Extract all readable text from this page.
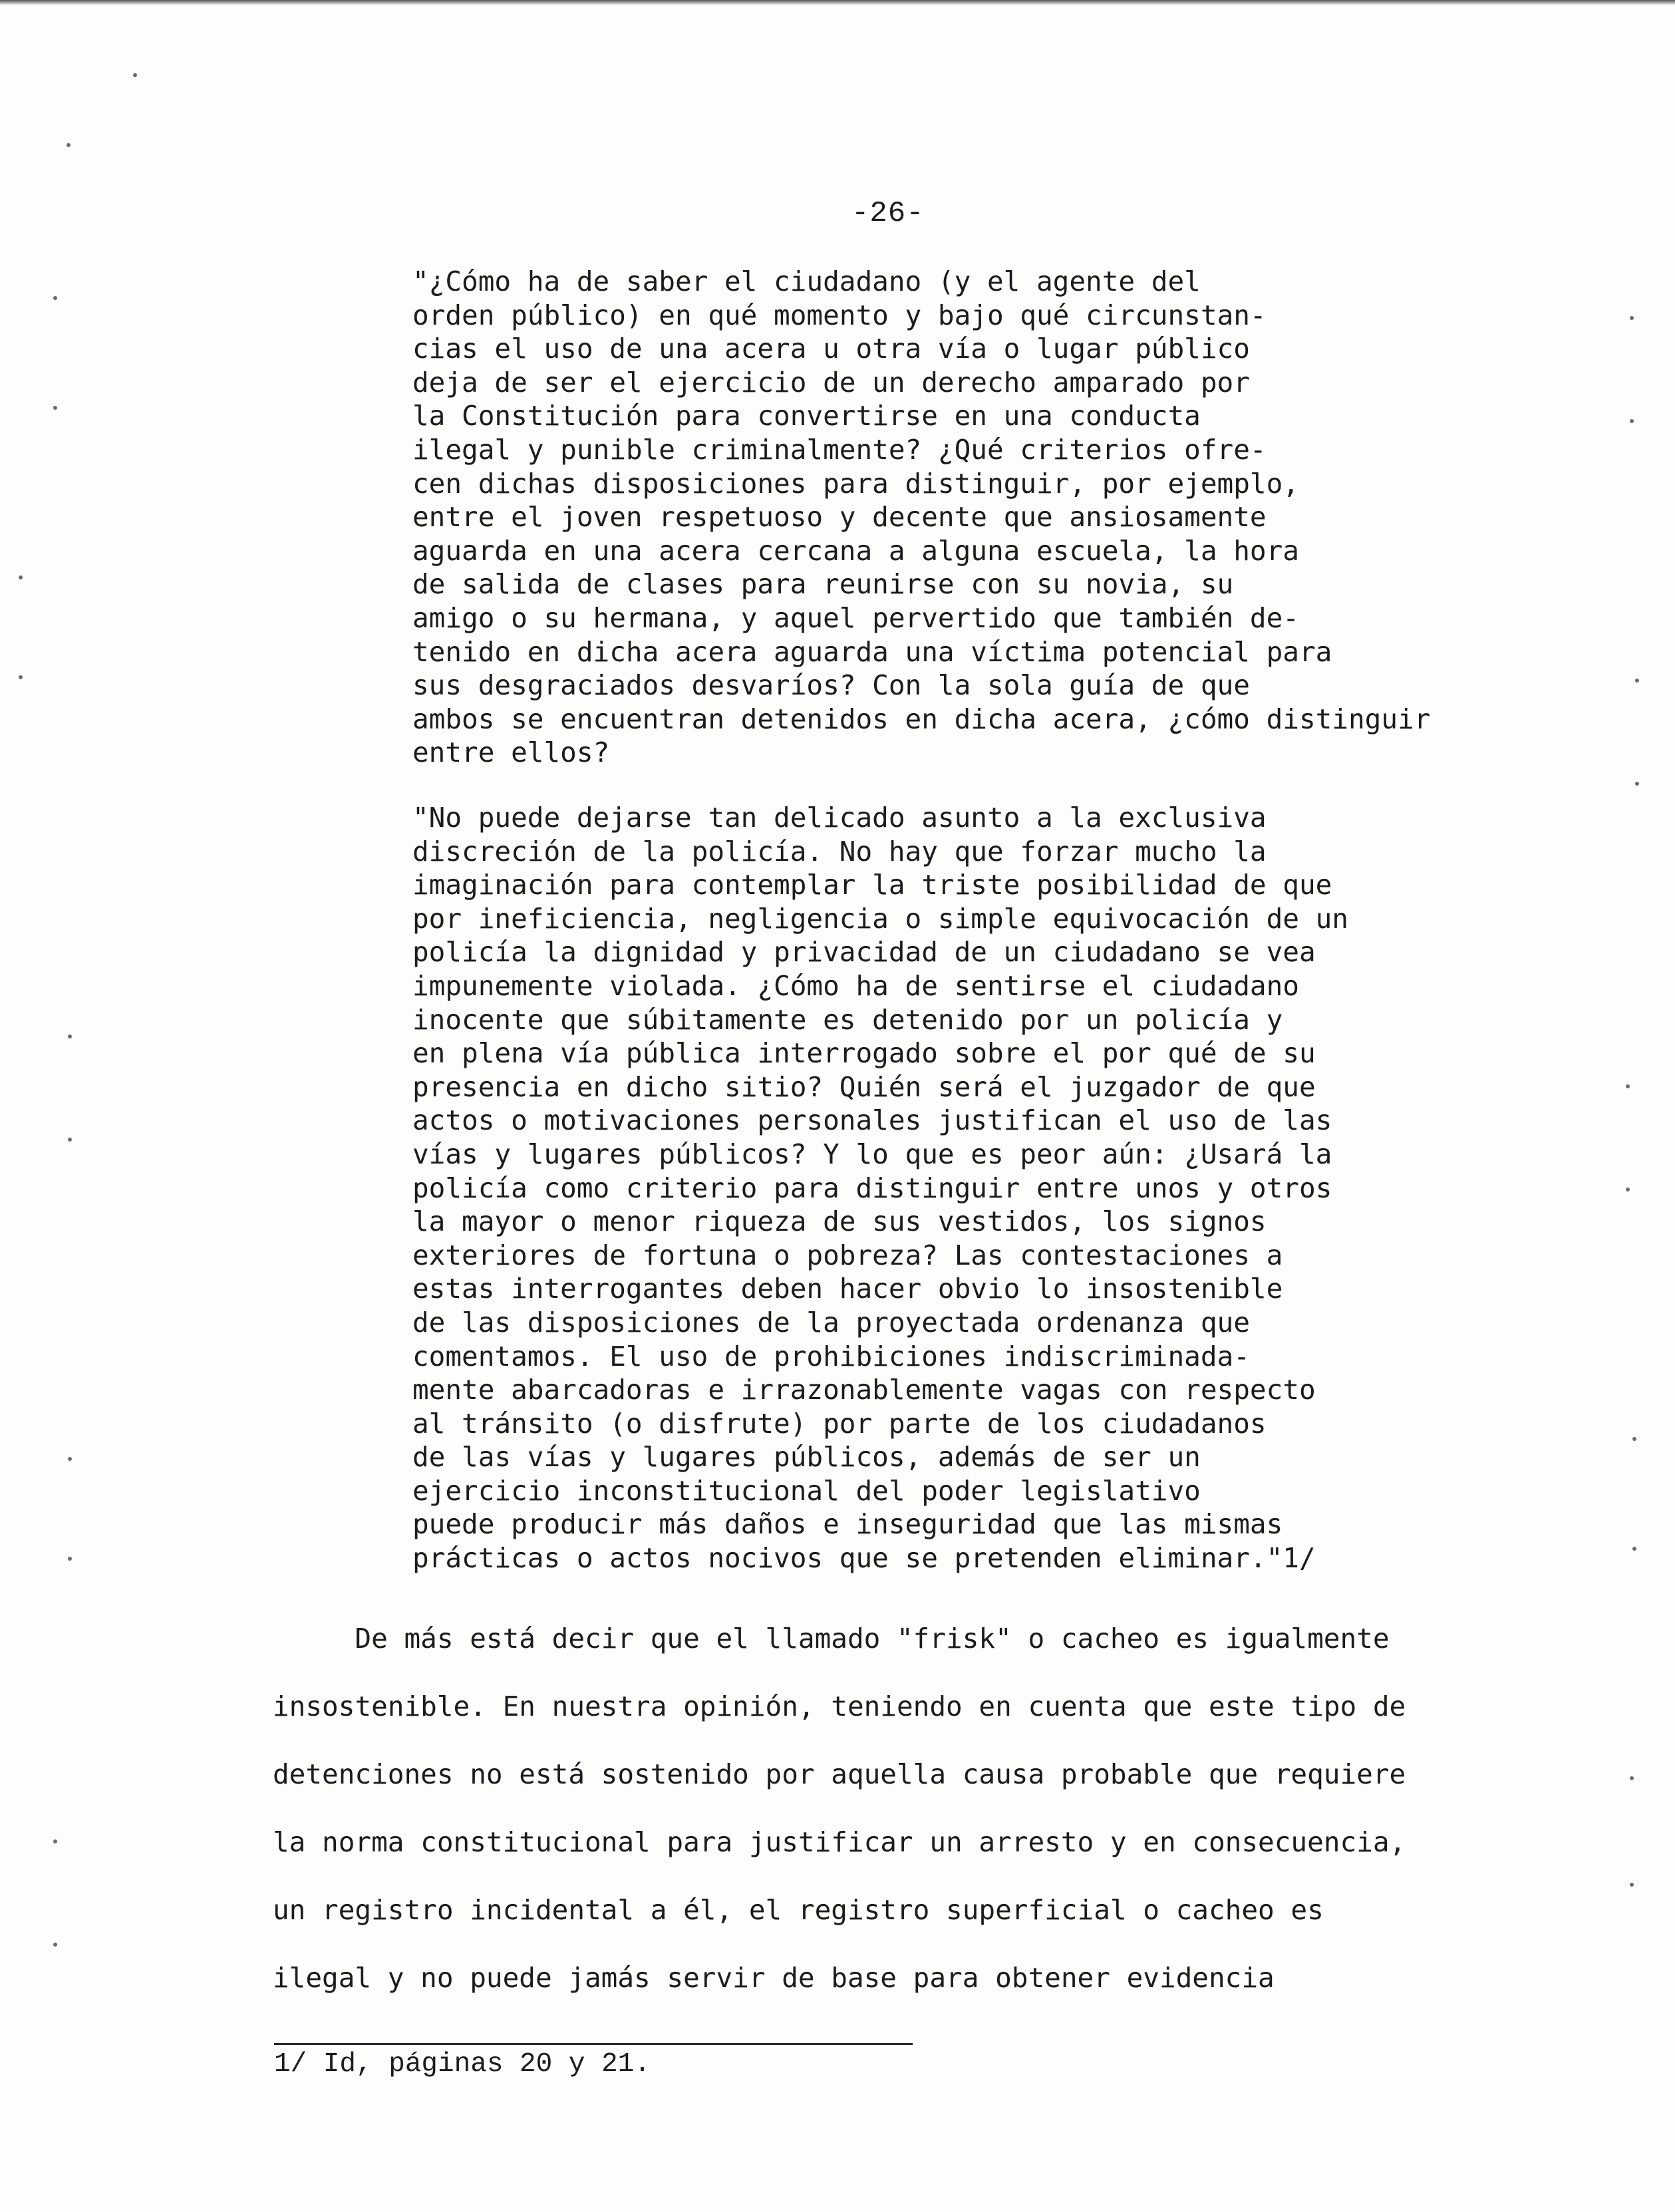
-26-
"¿Cómo ha de saber el ciudadano (y el agente del
orden público) en qué momento y bajo qué circunstan-
cias el uso de una acera u otra vía o lugar público
deja de ser el ejercicio de un derecho amparado por
la Constitución para convertirse en una conducta
ilegal y punible criminalmente? ¿Qué criterios ofre-
cen dichas disposiciones para distinguir, por ejemplo,
entre el joven respetuoso y decente que ansiosamente
aguarda en una acera cercana a alguna escuela, la hora
de salida de clases para reunirse con su novia, su
amigo o su hermana, y aquel pervertido que también de-
tenido en dicha acera aguarda una víctima potencial para
sus desgraciados desvaríos? Con la sola guía de que
ambos se encuentran detenidos en dicha acera, ¿cómo distinguir
entre ellos?
"No puede dejarse tan delicado asunto a la exclusiva
discreción de la policía. No hay que forzar mucho la
imaginación para contemplar la triste posibilidad de que
por ineficiencia, negligencia o simple equivocación de un
policía la dignidad y privacidad de un ciudadano se vea
impunemente violada. ¿Cómo ha de sentirse el ciudadano
inocente que súbitamente es detenido por un policía y
en plena vía pública interrogado sobre el por qué de su
presencia en dicho sitio? Quién será el juzgador de que
actos o motivaciones personales justifican el uso de las
vías y lugares públicos? Y lo que es peor aún: ¿Usará la
policía como criterio para distinguir entre unos y otros
la mayor o menor riqueza de sus vestidos, los signos
exteriores de fortuna o pobreza? Las contestaciones a
estas interrogantes deben hacer obvio lo insostenible
de las disposiciones de la proyectada ordenanza que
comentamos. El uso de prohibiciones indiscriminada-
mente abarcadoras e irrazonablemente vagas con respecto
al tránsito (o disfrute) por parte de los ciudadanos
de las vías y lugares públicos, además de ser un
ejercicio inconstitucional del poder legislativo
puede producir más daños e inseguridad que las mismas
prácticas o actos nocivos que se pretenden eliminar."1/
De más está decir que el llamado "frisk" o cacheo es igualmente
insostenible. En nuestra opinión, teniendo en cuenta que este tipo de
detenciones no está sostenido por aquella causa probable que requiere
la norma constitucional para justificar un arresto y en consecuencia,
un registro incidental a él, el registro superficial o cacheo es
ilegal y no puede jamás servir de base para obtener evidencia
1/ Id, páginas 20 y 21.
